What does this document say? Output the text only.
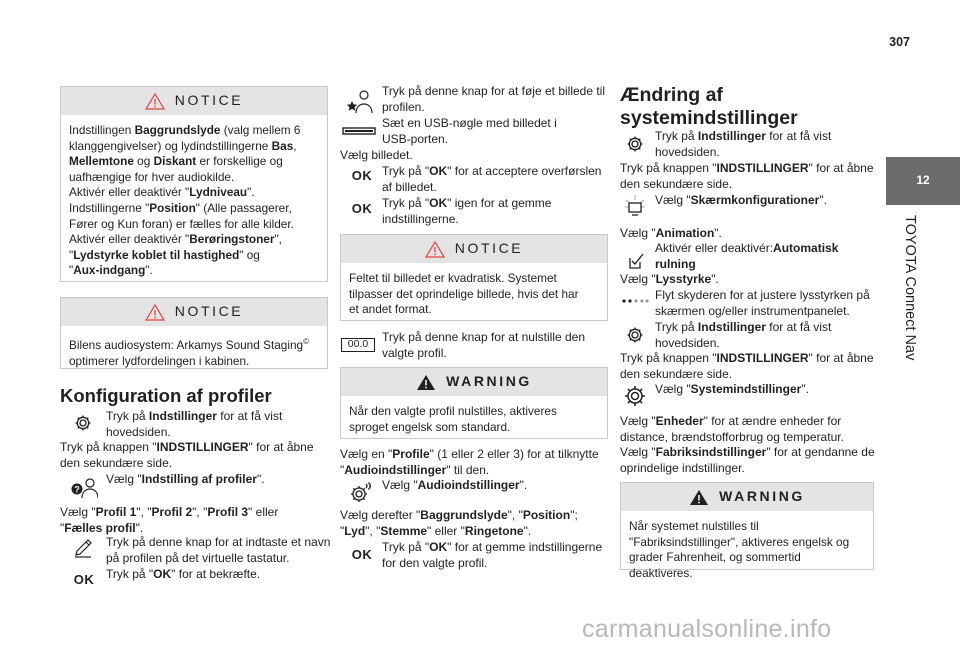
307
12
TOYOTA Connect Nav
NOTICE
Indstillingen Baggrundslyde (valg mellem 6
klanggengivelser) og lydindstillingerne Bas,
Mellemtone og Diskant er forskellige og
uafhængige for hver audiokilde.
Aktivér eller deaktivér "Lydniveau".
Indstillingerne "Position" (Alle passagerer,
Fører og Kun foran) er fælles for alle kilder.
Aktivér eller deaktivér "Berøringstoner",
"Lydstyrke koblet til hastighed" og
"Aux-indgang".
NOTICE
Bilens audiosystem: Arkamys Sound Staging©
optimerer lydfordelingen i kabinen.
Konfiguration af profiler
Tryk på Indstillinger for at få vist
hovedsiden.
Tryk på knappen "INDSTILLINGER" for at åbne
den sekundære side.
?
Vælg "Indstilling af profiler".
Vælg "Profil 1", "Profil 2", "Profil 3" eller
"Fælles profil".
Tryk på denne knap for at indtaste et navn
på profilen på det virtuelle tastatur.
OK Tryk på "OK" for at bekræfte.
Tryk på denne knap for at føje et billede til
profilen.
Sæt en USB-nøgle med billedet i
USB-porten.
Vælg billedet.
OK Tryk på "OK" for at acceptere overførslen
af billedet.
OK Tryk på "OK" igen for at gemme
indstillingerne.
NOTICE
Feltet til billedet er kvadratisk. Systemet
tilpasser det oprindelige billede, hvis det har
et andet format.
00.0
Tryk på denne knap for at nulstille den
valgte profil.
WARNING
Når den valgte profil nulstilles, aktiveres
sproget engelsk som standard.
Vælg en "Profile" (1 eller 2 eller 3) for at tilknytte
"Audioindstillinger" til den.
Vælg "Audioindstillinger".
Vælg derefter "Baggrundslyde", "Position";
"Lyd", "Stemme" eller "Ringetone".
OK
Tryk på "OK" for at gemme indstillingerne
for den valgte profil.
Ændring af
systemindstillinger
Tryk på Indstillinger for at få vist
hovedsiden.
Tryk på knappen "INDSTILLINGER" for at åbne
den sekundære side.
Vælg "Skærmkonfigurationer".
Vælg "Animation".
Aktivér eller deaktivér:Automatisk
rulning
Vælg "Lysstyrke".
Flyt skyderen for at justere lysstyrken på
skærmen og/eller instrumentpanelet.
Tryk på Indstillinger for at få vist
hovedsiden.
Tryk på knappen "INDSTILLINGER" for at åbne
den sekundære side.
Vælg "Systemindstillinger".
Vælg "Enheder" for at ændre enheder for
distance, brændstofforbrug og temperatur.
Vælg "Fabriksindstillinger" for at gendanne de
oprindelige indstillinger.
WARNING
Når systemet nulstilles til
"Fabriksindstillinger", aktiveres engelsk og
grader Fahrenheit, og sommertid deaktiveres.
carmanualsonline.info
